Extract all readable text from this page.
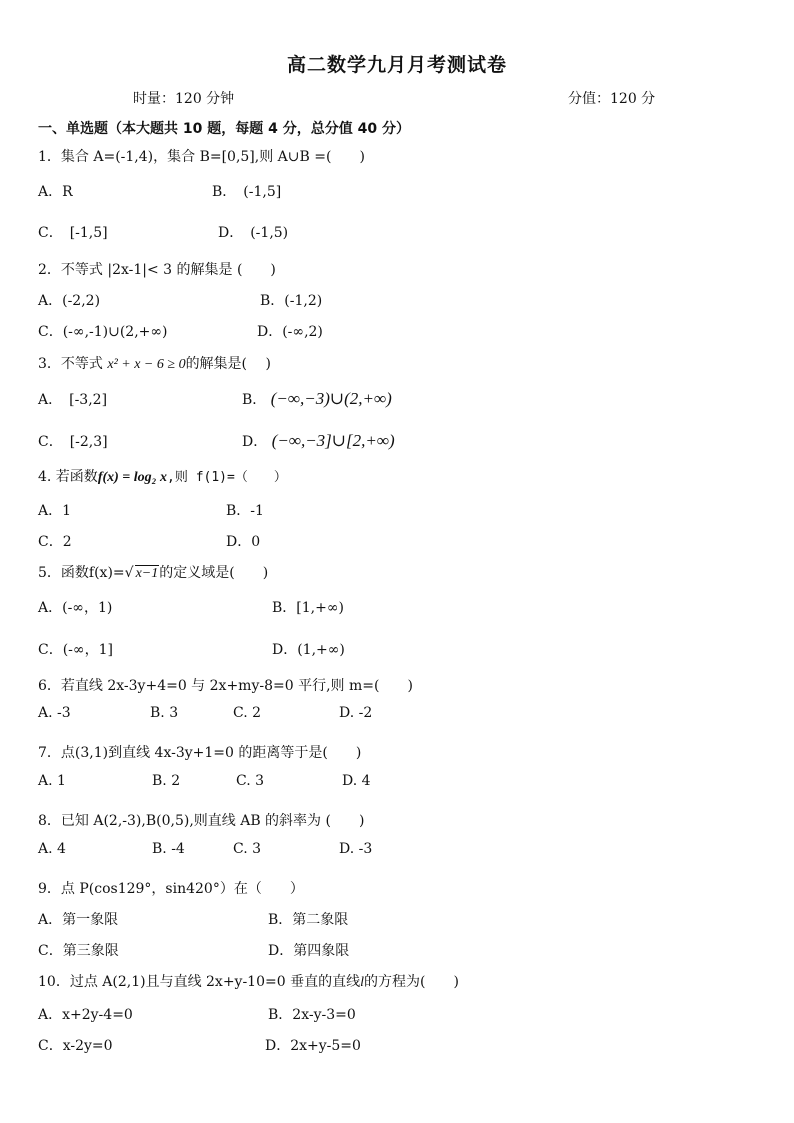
高二数学九月月考测试卷
时量：120 分钟	分值：120 分
一、单选题（本大题共 10 题，每题 4 分，总分值 40 分）
1．集合 A=(-1,4)，集合 B=[0,5],则 A∪B =(　　)
A．R	B．　(-1,5]
C．　[-1,5]	D．　(-1,5)
2．不等式 |2x-1|< 3 的解集是 (　　)
A．(-2,2)	B．(-1,2)
C．(-∞,-1)∪(2,+∞)	D．(-∞,2)
3．不等式 x² + x − 6 ≥ 0的解集是(　 )
A．　[-3,2]	B． (−∞,−3)∪(2,+∞)
C．　[-2,3]	D． (−∞,−3]∪[2,+∞)
4. 若函数f(x) = log₂ x,则 f(1)=（　　）
A．1	B．-1
C．2	D．0
5．函数f(x)=√ x−1的定义域是(　　)
A．(-∞，1)	B．[1,+∞)
C．(-∞，1]	D．(1,+∞)
6．若直线 2x-3y+4=0 与 2x+my-8=0 平行,则 m=(　　)
A. -3	B. 3	C. 2	D. -2
7．点(3,1)到直线 4x-3y+1=0 的距离等于是(　　)
A. 1	B. 2	C. 3	D. 4
8．已知 A(2,-3),B(0,5),则直线 AB 的斜率为 (　　)
A. 4	B. -4	C. 3	D. -3
9．点 P(cos129°，sin420°）在（　　）
A．第一象限	B．第二象限
C．第三象限	D．第四象限
10．过点 A(2,1)且与直线 2x+y-10=0 垂直的直线l的方程为(　　)
A．x+2y-4=0	B．2x-y-3=0
C．x-2y=0	D．2x+y-5=0
